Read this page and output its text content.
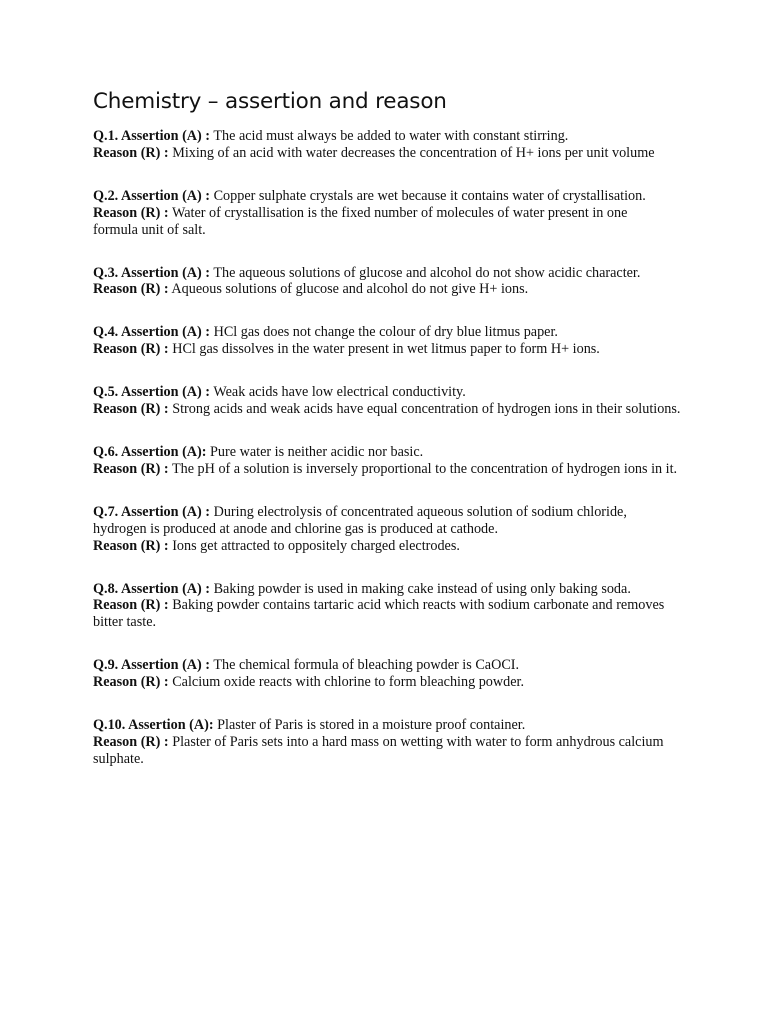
Chemistry – assertion and reason

Q.1. Assertion (A) : The acid must always be added to water with constant stirring.

Reason (R) : Mixing of an acid with water decreases the concentration of H+ ions per unit volume

Q.2. Assertion (A) : Copper sulphate crystals are wet because it contains water of crystallisation.

Reason (R) : Water of crystallisation is the fixed number of molecules of water present in one

formula unit of salt.

Q.3. Assertion (A) : The aqueous solutions of glucose and alcohol do not show acidic character.

Reason (R) : Aqueous solutions of glucose and alcohol do not give H+ ions.

Q.4. Assertion (A) : HCl gas does not change the colour of dry blue litmus paper.

Reason (R) : HCl gas dissolves in the water present in wet litmus paper to form H+ ions.

Q.5. Assertion (A) : Weak acids have low electrical conductivity.

Reason (R) : Strong acids and weak acids have equal concentration of hydrogen ions in their solutions.

Q.6. Assertion (A): Pure water is neither acidic nor basic.

Reason (R) : The pH of a solution is inversely proportional to the concentration of hydrogen ions in it.

Q.7. Assertion (A) : During electrolysis of concentrated aqueous solution of sodium chloride, hydrogen is produced at anode and chlorine gas is produced at cathode.

Reason (R) : Ions get attracted to oppositely charged electrodes.

Q.8. Assertion (A) : Baking powder is used in making cake instead of using only baking soda.

Reason (R) : Baking powder contains tartaric acid which reacts with sodium carbonate and removes bitter taste.

Q.9. Assertion (A) : The chemical formula of bleaching powder is CaOCI.

Reason (R) : Calcium oxide reacts with chlorine to form bleaching powder.

Q.10. Assertion (A): Plaster of Paris is stored in a moisture proof container.

Reason (R) : Plaster of Paris sets into a hard mass on wetting with water to form anhydrous calcium sulphate.
